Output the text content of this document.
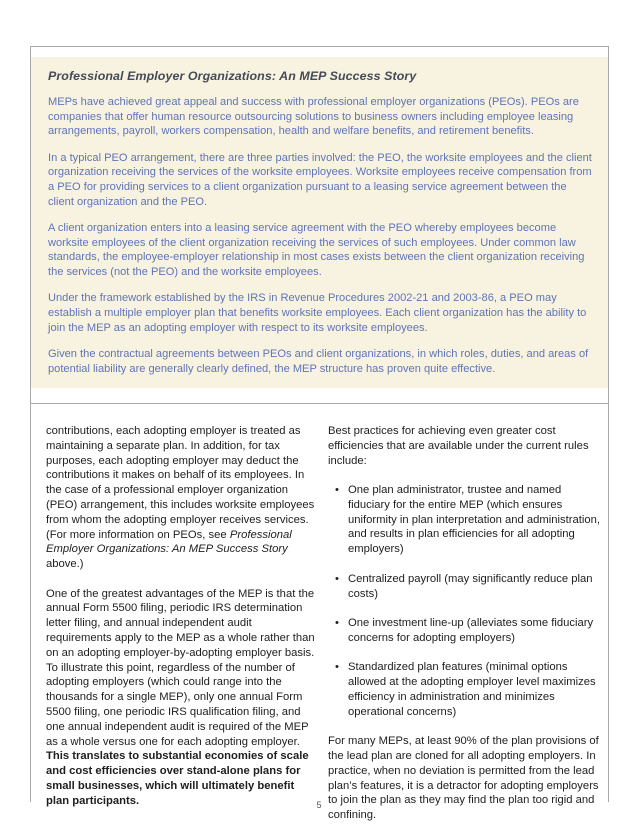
Professional Employer Organizations: An MEP Success Story

MEPs have achieved great appeal and success with professional employer organizations (PEOs). PEOs are companies that offer human resource outsourcing solutions to business owners including employee leasing arrangements, payroll, workers compensation, health and welfare benefits, and retirement benefits.

In a typical PEO arrangement, there are three parties involved: the PEO, the worksite employees and the client organization receiving the services of the worksite employees. Worksite employees receive compensation from a PEO for providing services to a client organization pursuant to a leasing service agreement between the client organization and the PEO.

A client organization enters into a leasing service agreement with the PEO whereby employees become worksite employees of the client organization receiving the services of such employees. Under common law standards, the employee-employer relationship in most cases exists between the client organization receiving the services (not the PEO) and the worksite employees.

Under the framework established by the IRS in Revenue Procedures 2002-21 and 2003-86, a PEO may establish a multiple employer plan that benefits worksite employees. Each client organization has the ability to join the MEP as an adopting employer with respect to its worksite employees.

Given the contractual agreements between PEOs and client organizations, in which roles, duties, and areas of potential liability are generally clearly defined, the MEP structure has proven quite effective.

contributions, each adopting employer is treated as maintaining a separate plan. In addition, for tax purposes, each adopting employer may deduct the contributions it makes on behalf of its employees. In the case of a professional employer organization (PEO) arrangement, this includes worksite employees from whom the adopting employer receives services. (For more information on PEOs, see Professional Employer Organizations: An MEP Success Story above.)

One of the greatest advantages of the MEP is that the annual Form 5500 filing, periodic IRS determination letter filing, and annual independent audit requirements apply to the MEP as a whole rather than on an adopting employer-by-adopting employer basis. To illustrate this point, regardless of the number of adopting employers (which could range into the thousands for a single MEP), only one annual Form 5500 filing, one periodic IRS qualification filing, and one annual independent audit is required of the MEP as a whole versus one for each adopting employer. This translates to substantial economies of scale and cost efficiencies over stand-alone plans for small businesses, which will ultimately benefit plan participants.

Best practices for achieving even greater cost efficiencies that are available under the current rules include:

• One plan administrator, trustee and named fiduciary for the entire MEP (which ensures uniformity in plan interpretation and administration, and results in plan efficiencies for all adopting employers)
• Centralized payroll (may significantly reduce plan costs)
• One investment line-up (alleviates some fiduciary concerns for adopting employers)
• Standardized plan features (minimal options allowed at the adopting employer level maximizes efficiency in administration and minimizes operational concerns)

For many MEPs, at least 90% of the plan provisions of the lead plan are cloned for all adopting employers. In practice, when no deviation is permitted from the lead plan’s features, it is a detractor for adopting employers to join the plan as they may find the plan too rigid and confining.

5
